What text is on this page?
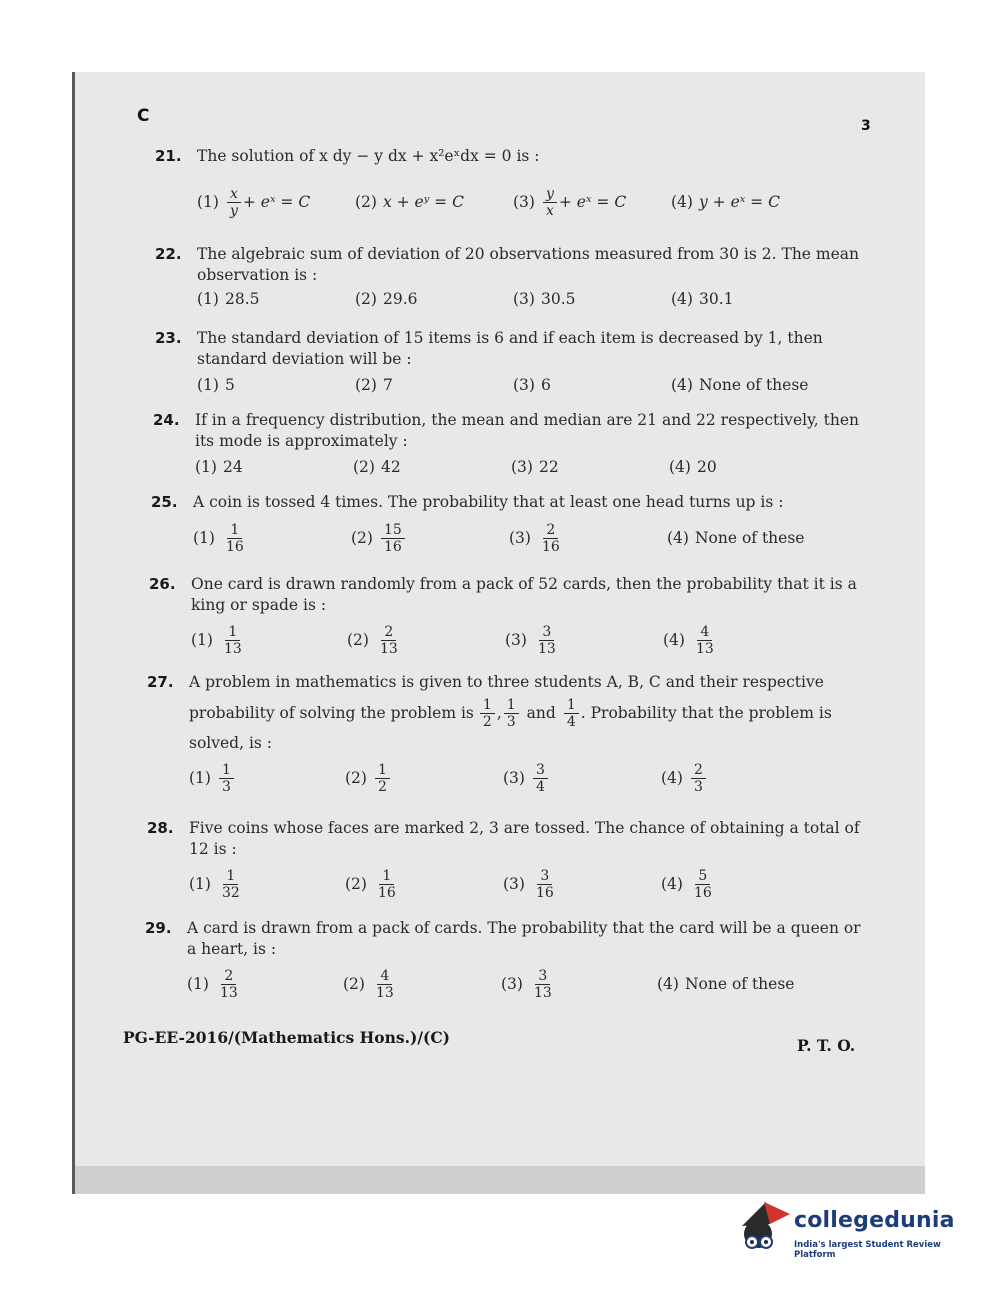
C	3
21. The solution of x dy − y dx + x²eˣdx = 0 is :
$(1) \frac{x}{y}$ + eˣ = C	(2) x + eʸ = C	$(3) \frac{y}{x}$ + eˣ = C	(4) y + eˣ = C
22. The algebraic sum of deviation of 20 observations measured from 30 is 2. The mean
observation is :
(1) 28.5	(2) 29.6	(3) 30.5	(4) 30.1
23. The standard deviation of 15 items is 6 and if each item is decreased by 1, then
standard deviation will be :
(1) 5	(2) 7	(3) 6	(4) None of these
24. If in a frequency distribution, the mean and median are 21 and 22 respectively, then
its mode is approximately :
(1) 24	(2) 42	(3) 22	(4) 20
25. A coin is tossed 4 times. The probability that at least one head turns up is :
$(1) \frac{1}{16}$	$(2) \frac{15}{16}$	$(3) \frac{2}{16}$	(4) None of these
26. One card is drawn randomly from a pack of 52 cards, then the probability that it is a
king or spade is :
$(1) \frac{1}{13}$	$(2) \frac{2}{13}$	$(3) \frac{3}{13}$	$(4) \frac{4}{13}$
27. A problem in mathematics is given to three students A, B, C and their respective
probability of solving the problem is $\frac{1}{2}$ , $\frac{1}{3}$ and $\frac{1}{4}$ . Probability that the problem is
solved, is :
$(1) \frac{1}{3}$	$(2) \frac{1}{2}$	$(3) \frac{3}{4}$	$(4) \frac{2}{3}$
28. Five coins whose faces are marked 2, 3 are tossed. The chance of obtaining a total of
12 is :
$(1) \frac{1}{32}$	$(2) \frac{1}{16}$	$(3) \frac{3}{16}$	$(4) \frac{5}{16}$
29. A card is drawn from a pack of cards. The probability that the card will be a queen or
a heart, is :
$(1) \frac{2}{13}$	$(2) \frac{4}{13}$	$(3) \frac{3}{13}$	(4) None of these
PG-EE-2016/(Mathematics Hons.)/(C)	P. T. O.
collegedunia
India's largest Student Review Platform
